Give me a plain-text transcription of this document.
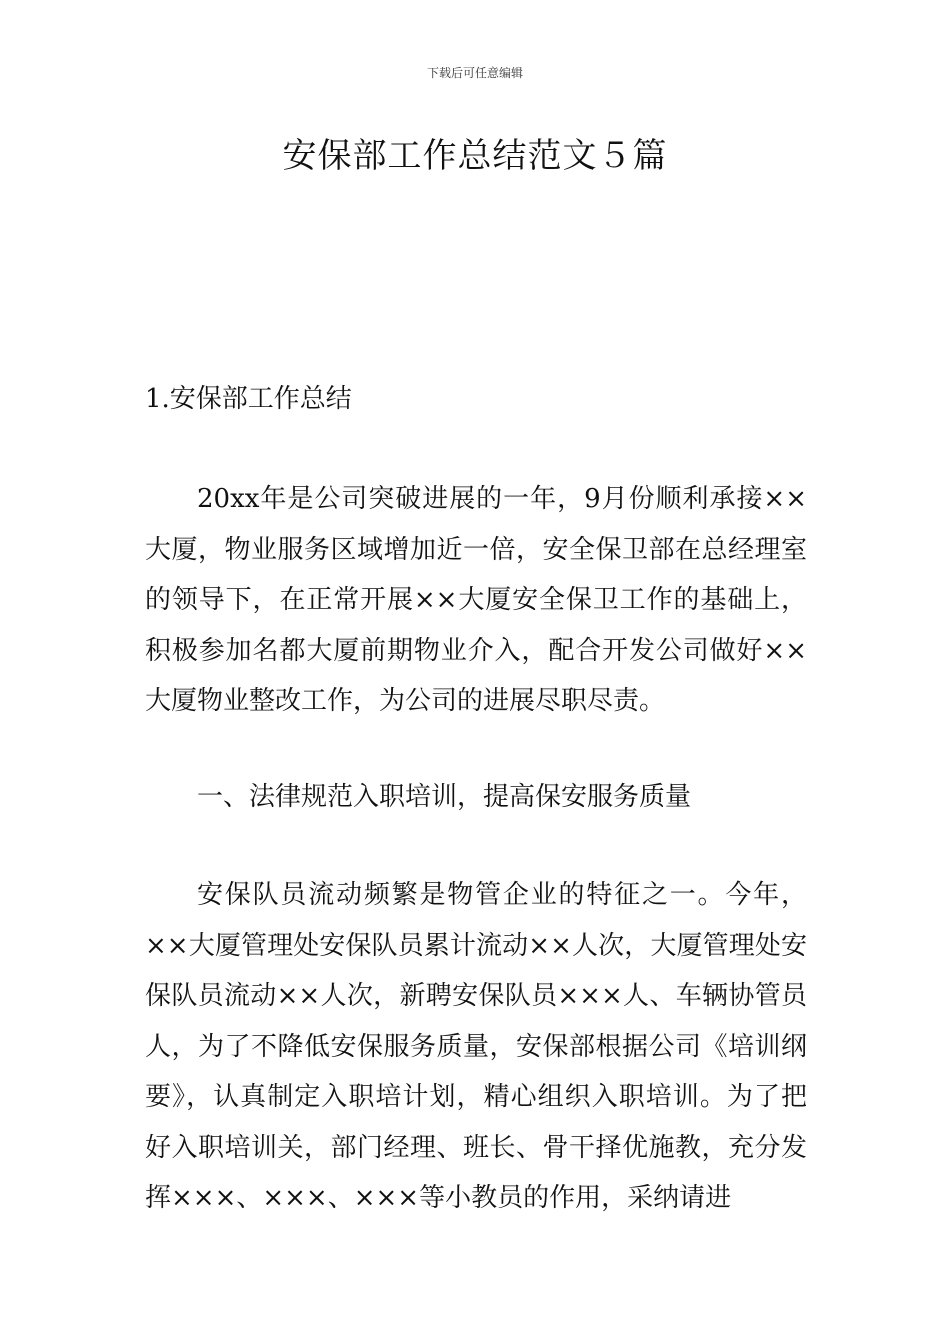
下载后可任意编辑
安保部工作总结范文５篇

1.安保部工作总结

20xx年是公司突破进展的一年，9月份顺利承接××大厦，物业服务区域增加近一倍，安全保卫部在总经理室的领导下，在正常开展××大厦安全保卫工作的基础上，积极参加名都大厦前期物业介入，配合开发公司做好××大厦物业整改工作，为公司的进展尽职尽责。

一、法律规范入职培训，提高保安服务质量

安保队员流动频繁是物管企业的特征之一。今年，××大厦管理处安保队员累计流动××人次，大厦管理处安保队员流动××人次，新聘安保队员×××人、车辆协管员人，为了不降低安保服务质量，安保部根据公司《培训纲要》，认真制定入职培计划，精心组织入职培训。为了把好入职培训关，部门经理、班长、骨干择优施教，充分发挥×××、×××、×××等小教员的作用，采纳请进
